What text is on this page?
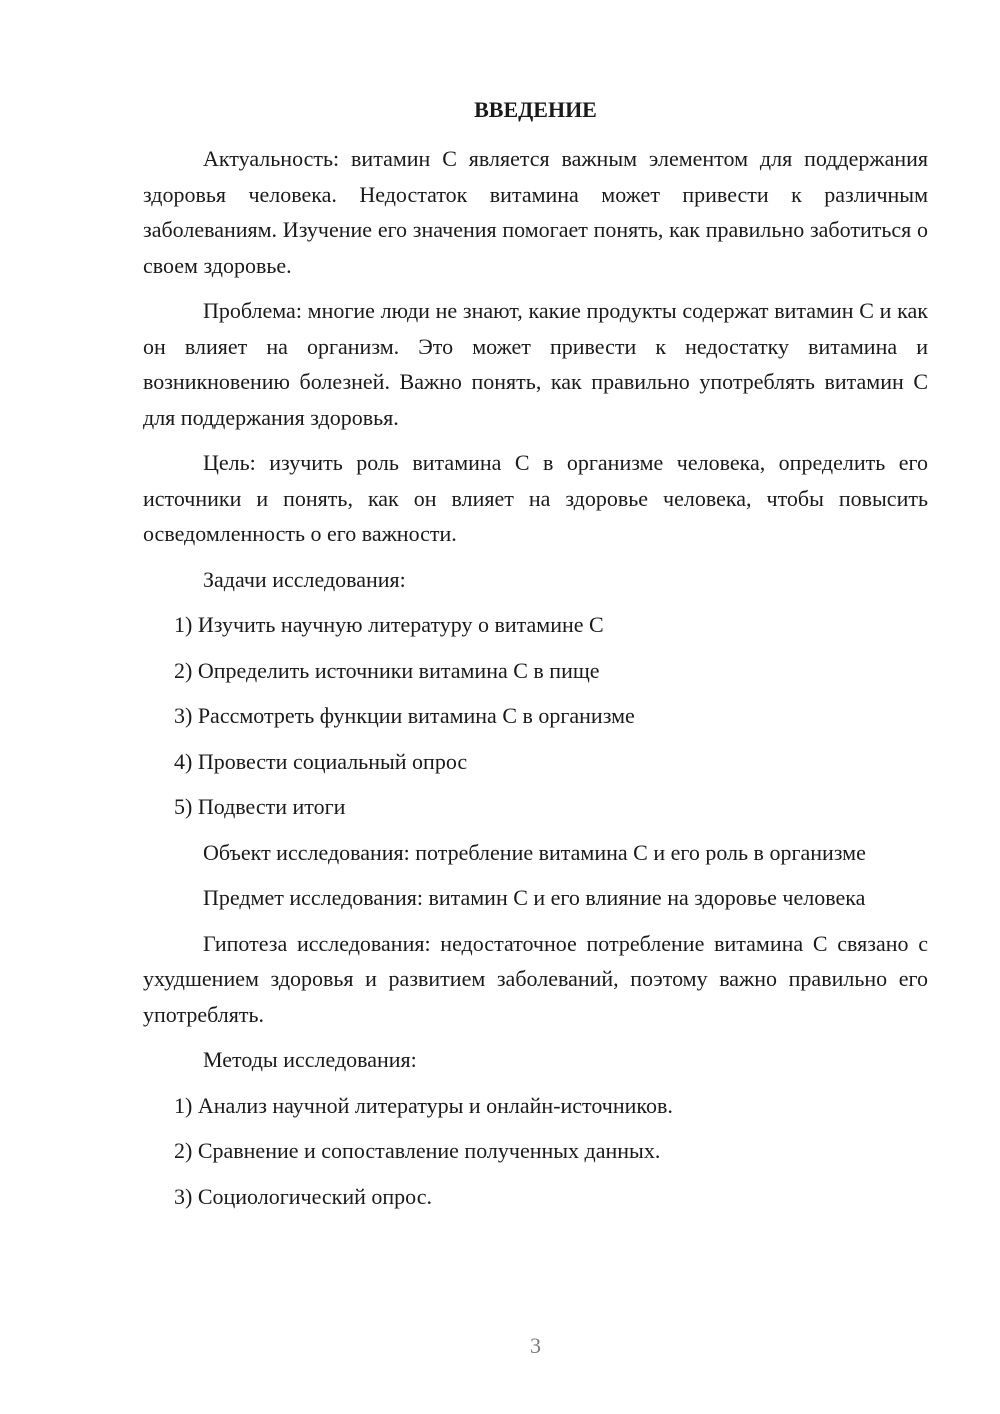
ВВЕДЕНИЕ

Актуальность: витамин С является важным элементом для поддержания здоровья человека. Недостаток витамина может привести к различным заболеваниям. Изучение его значения помогает понять, как правильно заботиться о своем здоровье.

Проблема: многие люди не знают, какие продукты содержат витамин С и как он влияет на организм. Это может привести к недостатку витамина и возникновению болезней. Важно понять, как правильно употреблять витамин С для поддержания здоровья.

Цель: изучить роль витамина С в организме человека, определить его источники и понять, как он влияет на здоровье человека, чтобы повысить осведомленность о его важности.

Задачи исследования:

1) Изучить научную литературу о витамине С
2) Определить источники витамина С в пище
3) Рассмотреть функции витамина С в организме
4) Провести социальный опрос
5) Подвести итоги

Объект исследования: потребление витамина С и его роль в организме

Предмет исследования: витамин С и его влияние на здоровье человека

Гипотеза исследования: недостаточное потребление витамина С связано с ухудшением здоровья и развитием заболеваний, поэтому важно правильно его употреблять.

Методы исследования:

1) Анализ научной литературы и онлайн-источников.
2) Сравнение и сопоставление полученных данных.
3) Социологический опрос.
3
